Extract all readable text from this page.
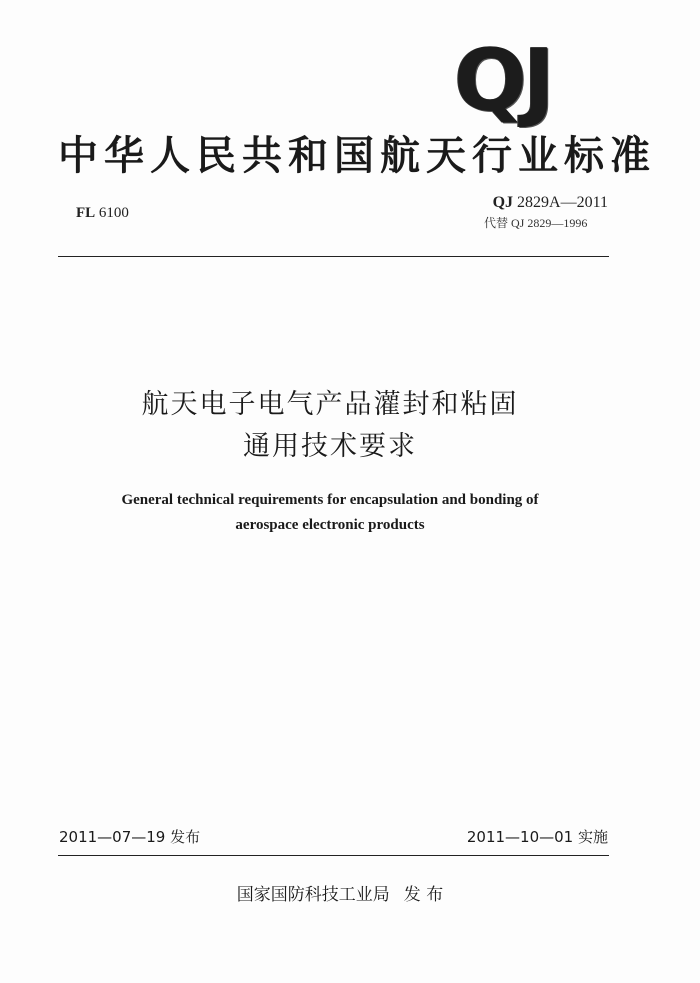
QJ
中华人民共和国航天行业标准
FL 6100
QJ 2829A—2011
代替 QJ 2829—1996
航天电子电气产品灌封和粘固
通用技术要求
General technical requirements for encapsulation and bonding of
aerospace electronic products
2011—07—19 发布	2011—10—01 实施
国家国防科技工业局 发 布
